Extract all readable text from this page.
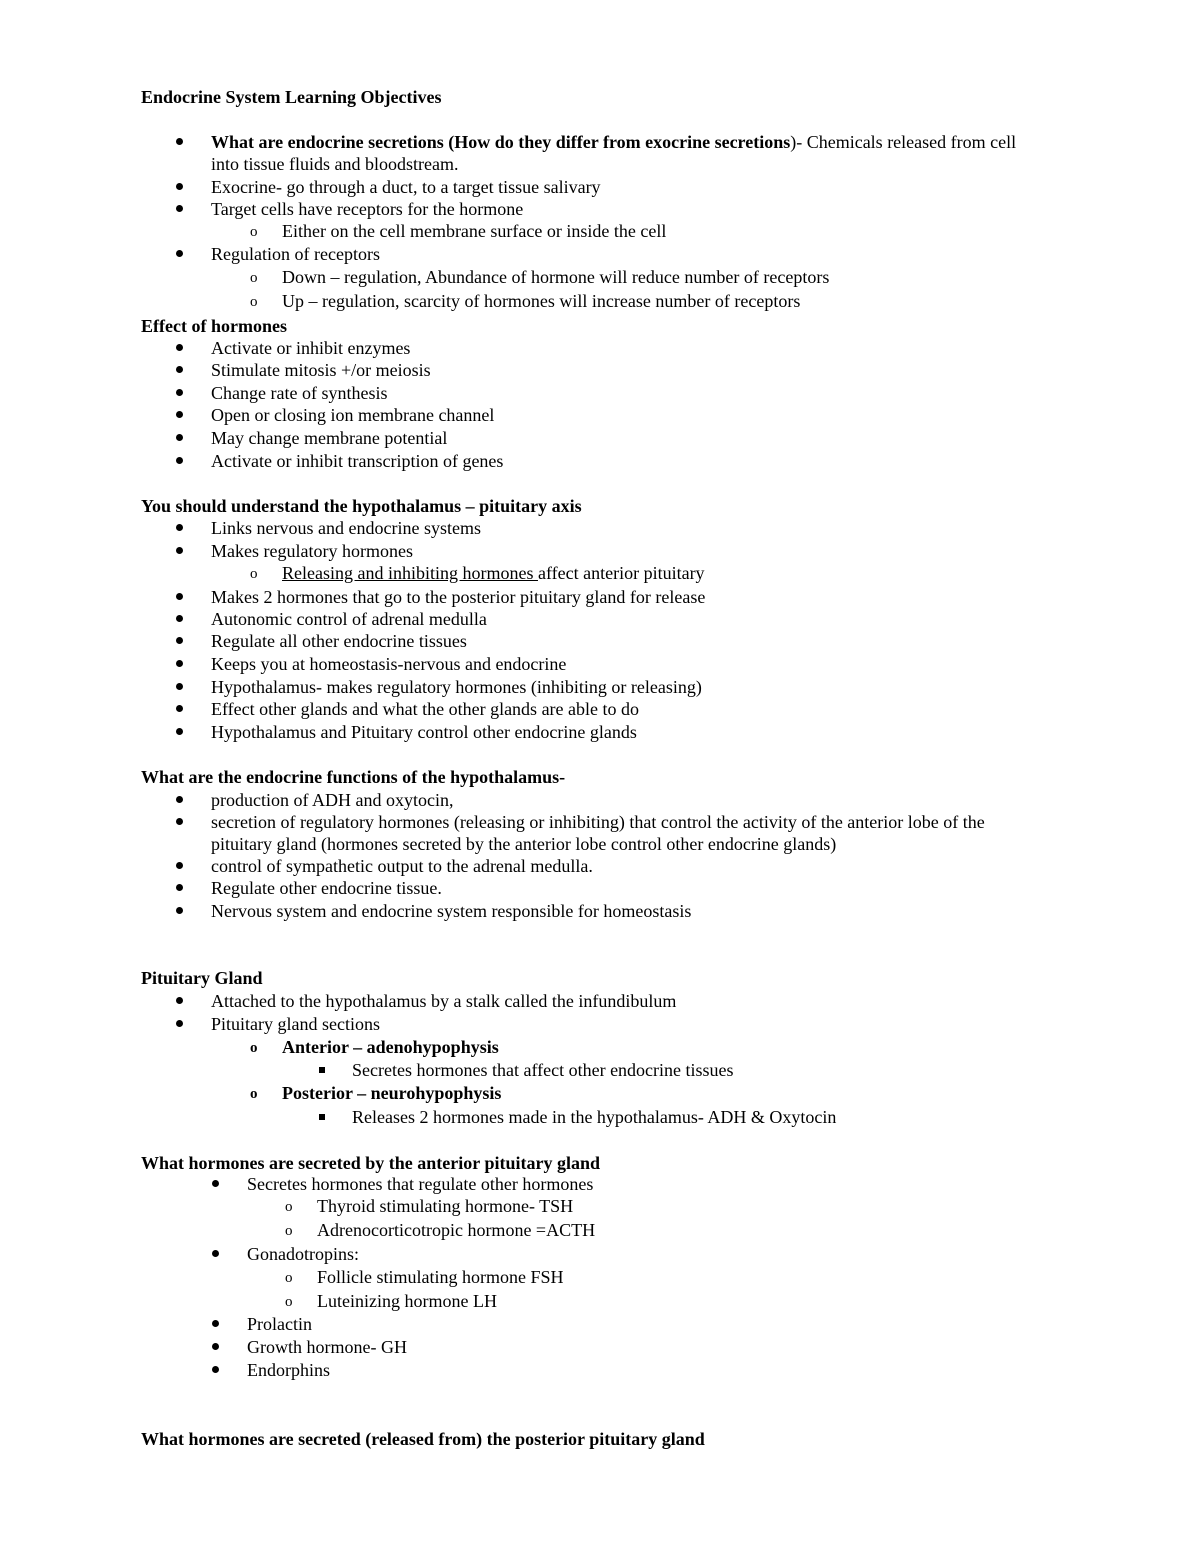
Endocrine System Learning Objectives
What are endocrine secretions (How do they differ from exocrine secretions)- Chemicals released from cell
into tissue fluids and bloodstream.
Exocrine- go through a duct, to a target tissue salivary
Target cells have receptors for the hormone
o Either on the cell membrane surface or inside the cell
Regulation of receptors
o Down – regulation, Abundance of hormone will reduce number of receptors
o Up – regulation, scarcity of hormones will increase number of receptors
Effect of hormones
Activate or inhibit enzymes
Stimulate mitosis +/or meiosis
Change rate of synthesis
Open or closing ion membrane channel
May change membrane potential
Activate or inhibit transcription of genes
You should understand the hypothalamus – pituitary axis
Links nervous and endocrine systems
Makes regulatory hormones
o Releasing and inhibiting hormones affect anterior pituitary
Makes 2 hormones that go to the posterior pituitary gland for release
Autonomic control of adrenal medulla
Regulate all other endocrine tissues
Keeps you at homeostasis-nervous and endocrine
Hypothalamus- makes regulatory hormones (inhibiting or releasing)
Effect other glands and what the other glands are able to do
Hypothalamus and Pituitary control other endocrine glands
What are the endocrine functions of the hypothalamus-
production of ADH and oxytocin,
secretion of regulatory hormones (releasing or inhibiting) that control the activity of the anterior lobe of the
pituitary gland (hormones secreted by the anterior lobe control other endocrine glands)
control of sympathetic output to the adrenal medulla.
Regulate other endocrine tissue.
Nervous system and endocrine system responsible for homeostasis
Pituitary Gland
Attached to the hypothalamus by a stalk called the infundibulum
Pituitary gland sections
o Anterior – adenohypophysis
Secretes hormones that affect other endocrine tissues
o Posterior – neurohypophysis
Releases 2 hormones made in the hypothalamus- ADH & Oxytocin
What hormones are secreted by the anterior pituitary gland
Secretes hormones that regulate other hormones
o Thyroid stimulating hormone- TSH
o Adrenocorticotropic hormone =ACTH
Gonadotropins:
o Follicle stimulating hormone FSH
o Luteinizing hormone LH
Prolactin
Growth hormone- GH
Endorphins
What hormones are secreted (released from) the posterior pituitary gland
